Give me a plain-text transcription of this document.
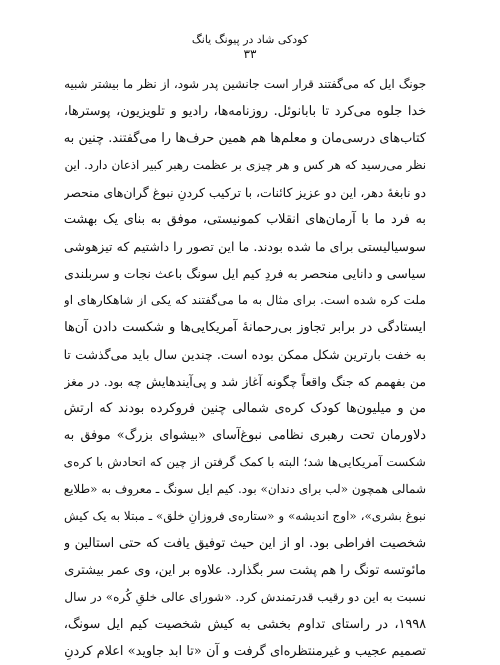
کودکی شاد در پیونگ یانگ
۳۳
جونگ ایل که می‌گفتند قرار است جانشین پدر شود، از نظر ما بیشتر شبیه
خدا جلوه می‌کرد تا بابانوئل. روزنامه‌ها، رادیو و تلویزیون، پوسترها،
کتاب‌های درسی‌مان و معلم‌ها هم همین حرف‌ها را می‌گفتند. چنین به
نظر می‌رسید که هر کس و هر چیزی بر عظمت رهبر کبیر اذعان دارد. این
دو نابغهٔ دهر، این دو عزیز کائنات، با ترکیب کردنِ نبوغ گران‌های منحصر
به فرد ما با آرمان‌های انقلاب کمونیستی، موفق به بنای یک بهشت
سوسیالیستی برای ما شده بودند. ما این تصور را داشتیم که تیزهوشی
سیاسی و دانایی منحصر به فردِ کیم ایل سونگ باعث نجات و سربلندی
ملت کره شده است. برای مثال به ما می‌گفتند که یکی از شاهکارهای او
ایستادگی در برابر تجاوز بی‌رحمانهٔ آمریکایی‌ها و شکست دادن آن‌ها
به خفت بارترین شکل ممکن بوده است. چندین سال باید می‌گذشت تا
من بفهمم که جنگ واقعاً چگونه آغاز شد و پی‌آیندهایش چه بود. در مغز
من و میلیون‌ها کودک کره‌ی شمالی چنین فروکرده بودند که ارتش
دلاورمان تحت رهبری نظامی نبوغ‌آسای «بیشوای بزرگ» موفق به
شکست آمریکایی‌ها شد؛ البته با کمک گرفتن از چین که اتحادش با کره‌ی
شمالی همچون «لب برای دندان» بود. کیم ایل سونگ ـ معروف به «طلایع
نبوغ بشری»، «اوج اندیشه» و «ستاره‌ی فروزانِ خلق» ـ مبتلا به یک کیش
شخصیت افراطی بود. او از این حیث توفیق یافت که حتی استالین و
مائوتسه تونگ را هم پشت سر بگذارد. علاوه بر این، وی عمر بیشتری
نسبت به این دو رقیب قدرتمندش کرد. «شورای عالی خلقِ کُره» در سال
۱۹۹۸، در راستای تداوم بخشی به کیش شخصیت کیم ایل سونگ،
تصمیم عجیب و غیرمنتظره‌ای گرفت و آن «تا ابد جاوید» اعلام کردنِ
